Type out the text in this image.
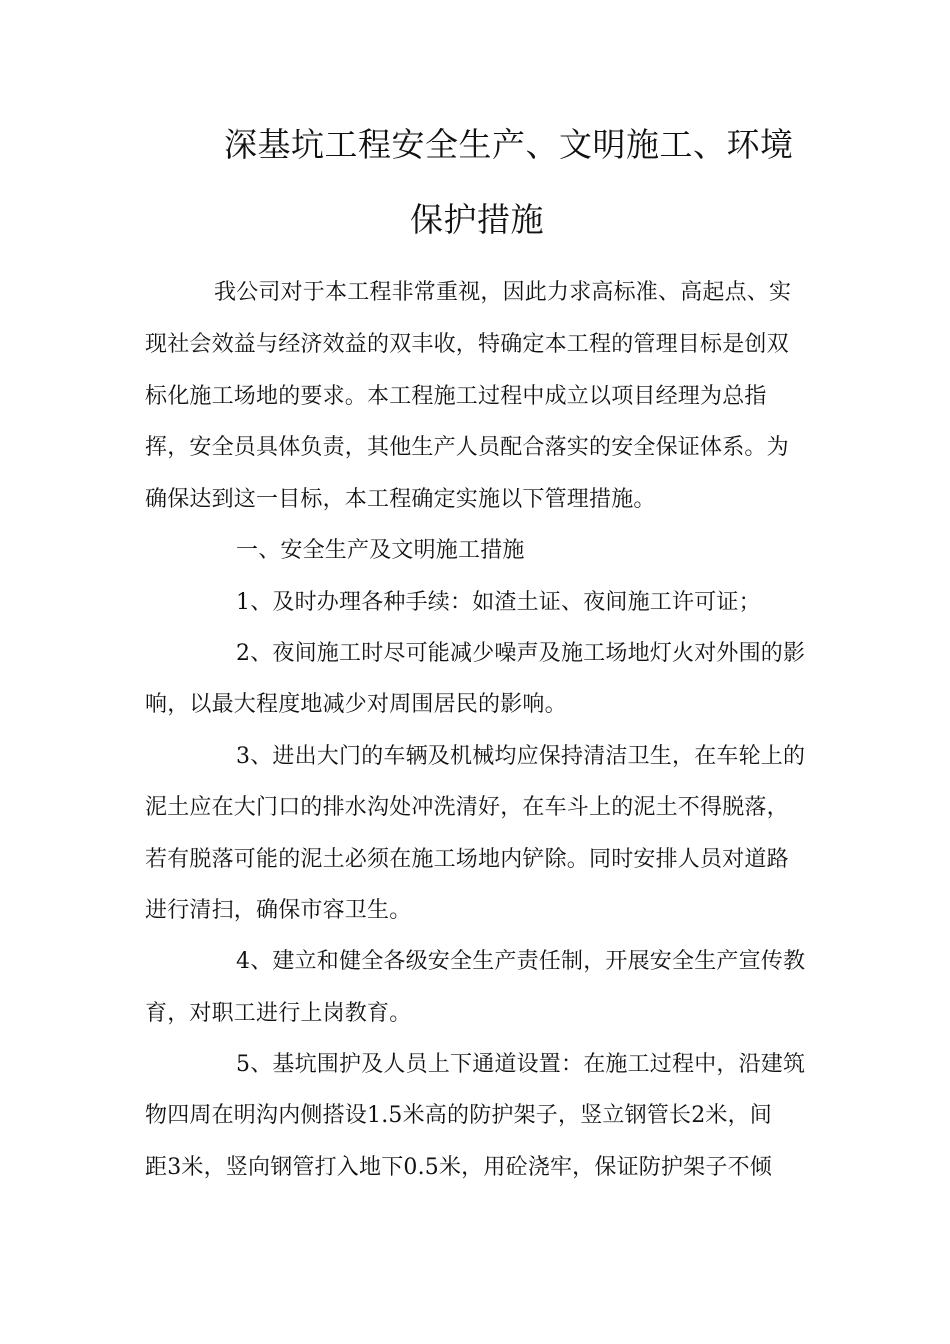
深基坑工程安全生产、文明施工、环境
保护措施
我公司对于本工程非常重视，因此力求高标准、高起点、实
现社会效益与经济效益的双丰收，特确定本工程的管理目标是创双
标化施工场地的要求。本工程施工过程中成立以项目经理为总指
挥，安全员具体负责，其他生产人员配合落实的安全保证体系。为
确保达到这一目标，本工程确定实施以下管理措施。
一、安全生产及文明施工措施
1、及时办理各种手续：如渣土证、夜间施工许可证；
2、夜间施工时尽可能减少噪声及施工场地灯火对外围的影
响，以最大程度地减少对周围居民的影响。
3、进出大门的车辆及机械均应保持清洁卫生，在车轮上的
泥土应在大门口的排水沟处冲洗清好，在车斗上的泥土不得脱落，
若有脱落可能的泥土必须在施工场地内铲除。同时安排人员对道路
进行清扫，确保市容卫生。
4、建立和健全各级安全生产责任制，开展安全生产宣传教
育，对职工进行上岗教育。
5、基坑围护及人员上下通道设置：在施工过程中，沿建筑
物四周在明沟内侧搭设1.5米高的防护架子，竖立钢管长2米，间
距3米，竖向钢管打入地下0.5米，用砼浇牢，保证防护架子不倾
